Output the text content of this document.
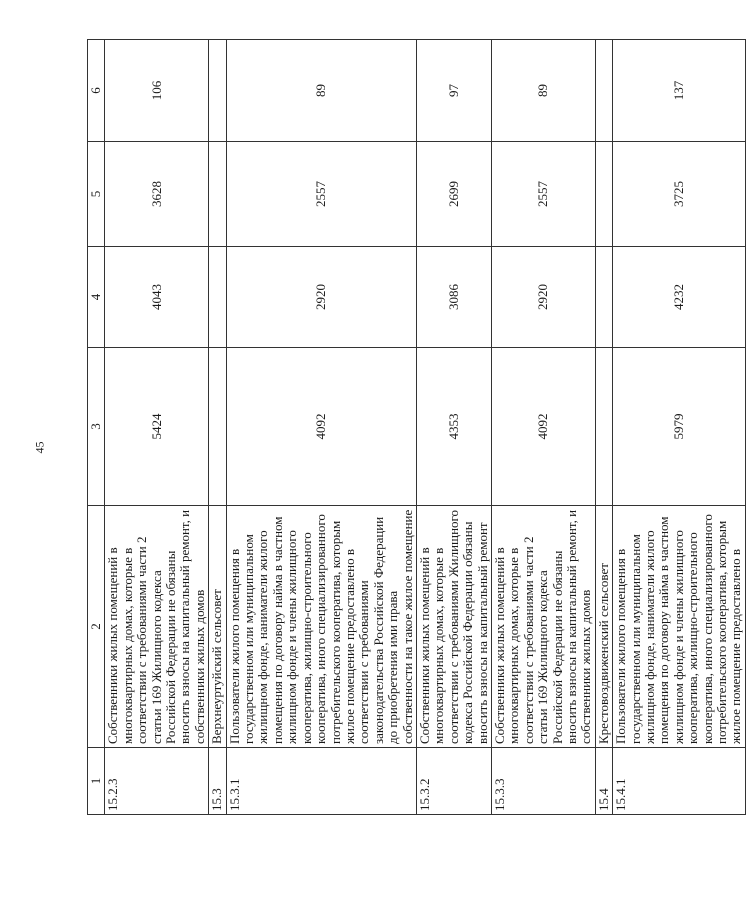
45
1	2	3	4	5	6
15.2.3	Собственники жилых помещений в многоквартирных домах, которые в соответствии с требованиями части 2 статьи 169 Жилищного кодекса Российской Федерации не обязаны вносить взносы на капитальный ремонт, и собственники жилых домов	5424	4043	3628	106
15.3	Верхнеуртуйский сельсовет				
15.3.1	Пользователи жилого помещения в государственном или муниципальном жилищном фонде, наниматели жилого помещения по договору найма в частном жилищном фонде и члены жилищного кооператива, жилищно-строительного кооператива, иного специализированного потребительского кооператива, которым жилое помещение предоставлено в соответствии с требованиями законодательства Российской Федерации до приобретения ими права собственности на такое жилое помещение	4092	2920	2557	89
15.3.2	Собственники жилых помещений в многоквартирных домах, которые в соответствии с требованиями Жилищного кодекса Российской Федерации обязаны вносить взносы на капитальный ремонт	4353	3086	2699	97
15.3.3	Собственники жилых помещений в многоквартирных домах, которые в соответствии с требованиями части 2 статьи 169 Жилищного кодекса Российской Федерации не обязаны вносить взносы на капитальный ремонт, и собственники жилых домов	4092	2920	2557	89
15.4	Крестовоздвиженский сельсовет				
15.4.1	Пользователи жилого помещения в государственном или муниципальном жилищном фонде, наниматели жилого помещения по договору найма в частном жилищном фонде и члены жилищного кооператива, жилищно-строительного кооператива, иного специализированного потребительского кооператива, которым жилое помещение предоставлено в	5979	4232	3725	137
